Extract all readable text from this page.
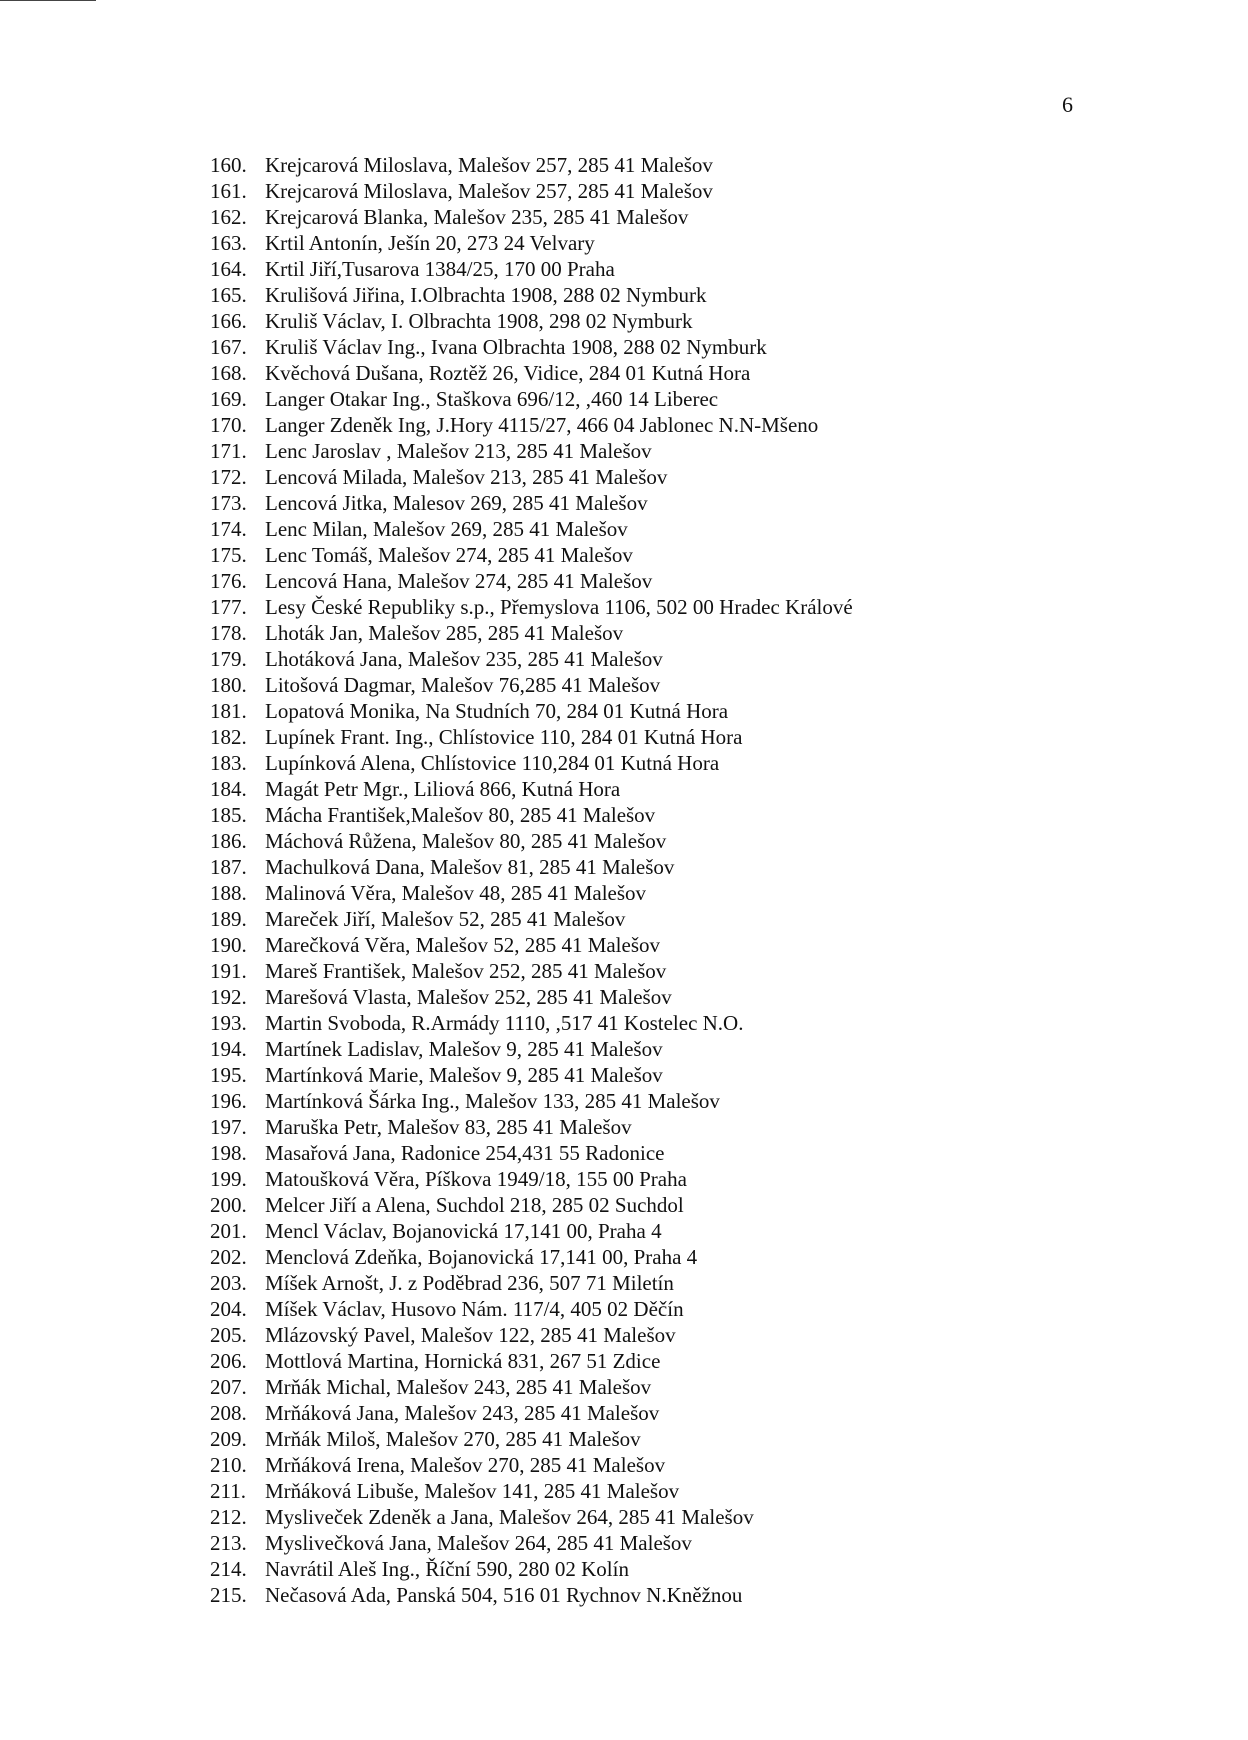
6
160. Krejcarová Miloslava, Malešov 257, 285 41 Malešov
161. Krejcarová Miloslava, Malešov 257, 285 41 Malešov
162. Krejcarová Blanka, Malešov 235, 285 41 Malešov
163. Krtil Antonín, Ješín 20, 273 24 Velvary
164. Krtil Jiří,Tusarova 1384/25, 170 00 Praha
165. Krulišová Jiřina, I.Olbrachta 1908, 288 02 Nymburk
166. Kruliš Václav, I. Olbrachta 1908, 298 02 Nymburk
167. Kruliš Václav Ing., Ivana Olbrachta 1908, 288 02 Nymburk
168. Kvěchová Dušana, Roztěž 26, Vidice, 284 01 Kutná Hora
169. Langer Otakar Ing., Staškova 696/12, ,460 14 Liberec
170. Langer Zdeněk Ing, J.Hory 4115/27, 466 04 Jablonec N.N-Mšeno
171. Lenc Jaroslav , Malešov 213, 285 41 Malešov
172. Lencová Milada, Malešov 213, 285 41 Malešov
173. Lencová Jitka, Malesov 269, 285 41 Malešov
174. Lenc Milan, Malešov 269, 285 41 Malešov
175. Lenc Tomáš, Malešov 274, 285 41 Malešov
176. Lencová Hana, Malešov 274, 285 41 Malešov
177. Lesy České Republiky s.p., Přemyslova 1106, 502 00 Hradec Králové
178. Lhoták Jan, Malešov 285, 285 41 Malešov
179. Lhotáková Jana, Malešov 235, 285 41 Malešov
180. Litošová Dagmar, Malešov 76,285 41 Malešov
181. Lopatová Monika, Na Studních 70, 284 01 Kutná Hora
182. Lupínek Frant. Ing., Chlístovice 110, 284 01 Kutná Hora
183. Lupínková Alena, Chlístovice 110,284 01 Kutná Hora
184. Magát Petr Mgr., Liliová 866, Kutná Hora
185. Mácha František,Malešov 80, 285 41 Malešov
186. Máchová Růžena, Malešov 80, 285 41 Malešov
187. Machulková Dana, Malešov 81, 285 41 Malešov
188. Malinová Věra, Malešov 48, 285 41 Malešov
189. Mareček Jiří, Malešov 52, 285 41 Malešov
190. Marečková Věra, Malešov 52, 285 41 Malešov
191. Mareš František, Malešov 252, 285 41 Malešov
192. Marešová Vlasta, Malešov 252, 285 41 Malešov
193. Martin Svoboda, R.Armády 1110, ,517 41 Kostelec N.O.
194. Martínek Ladislav, Malešov 9, 285 41 Malešov
195. Martínková Marie, Malešov 9, 285 41 Malešov
196. Martínková Šárka Ing., Malešov 133, 285 41 Malešov
197. Maruška Petr, Malešov 83, 285 41 Malešov
198. Masařová Jana, Radonice 254,431 55 Radonice
199. Matoušková Věra, Píškova 1949/18, 155 00 Praha
200. Melcer Jiří a Alena, Suchdol 218, 285 02 Suchdol
201. Mencl Václav, Bojanovická 17,141 00, Praha 4
202. Menclová Zdeňka, Bojanovická 17,141 00, Praha 4
203. Míšek Arnošt, J. z Poděbrad 236, 507 71 Miletín
204. Míšek Václav, Husovo Nám. 117/4, 405 02 Děčín
205. Mlázovský Pavel, Malešov 122, 285 41 Malešov
206. Mottlová Martina, Hornická 831, 267 51 Zdice
207. Mrňák Michal, Malešov 243, 285 41 Malešov
208. Mrňáková Jana, Malešov 243, 285 41 Malešov
209. Mrňák Miloš, Malešov 270, 285 41 Malešov
210. Mrňáková Irena, Malešov 270, 285 41 Malešov
211. Mrňáková Libuše, Malešov 141, 285 41 Malešov
212. Mysliveček Zdeněk a Jana, Malešov 264, 285 41 Malešov
213. Myslivečková Jana, Malešov 264, 285 41 Malešov
214. Navrátil Aleš Ing., Říční 590, 280 02 Kolín
215. Nečasová Ada, Panská 504, 516 01 Rychnov N.Kněžnou
